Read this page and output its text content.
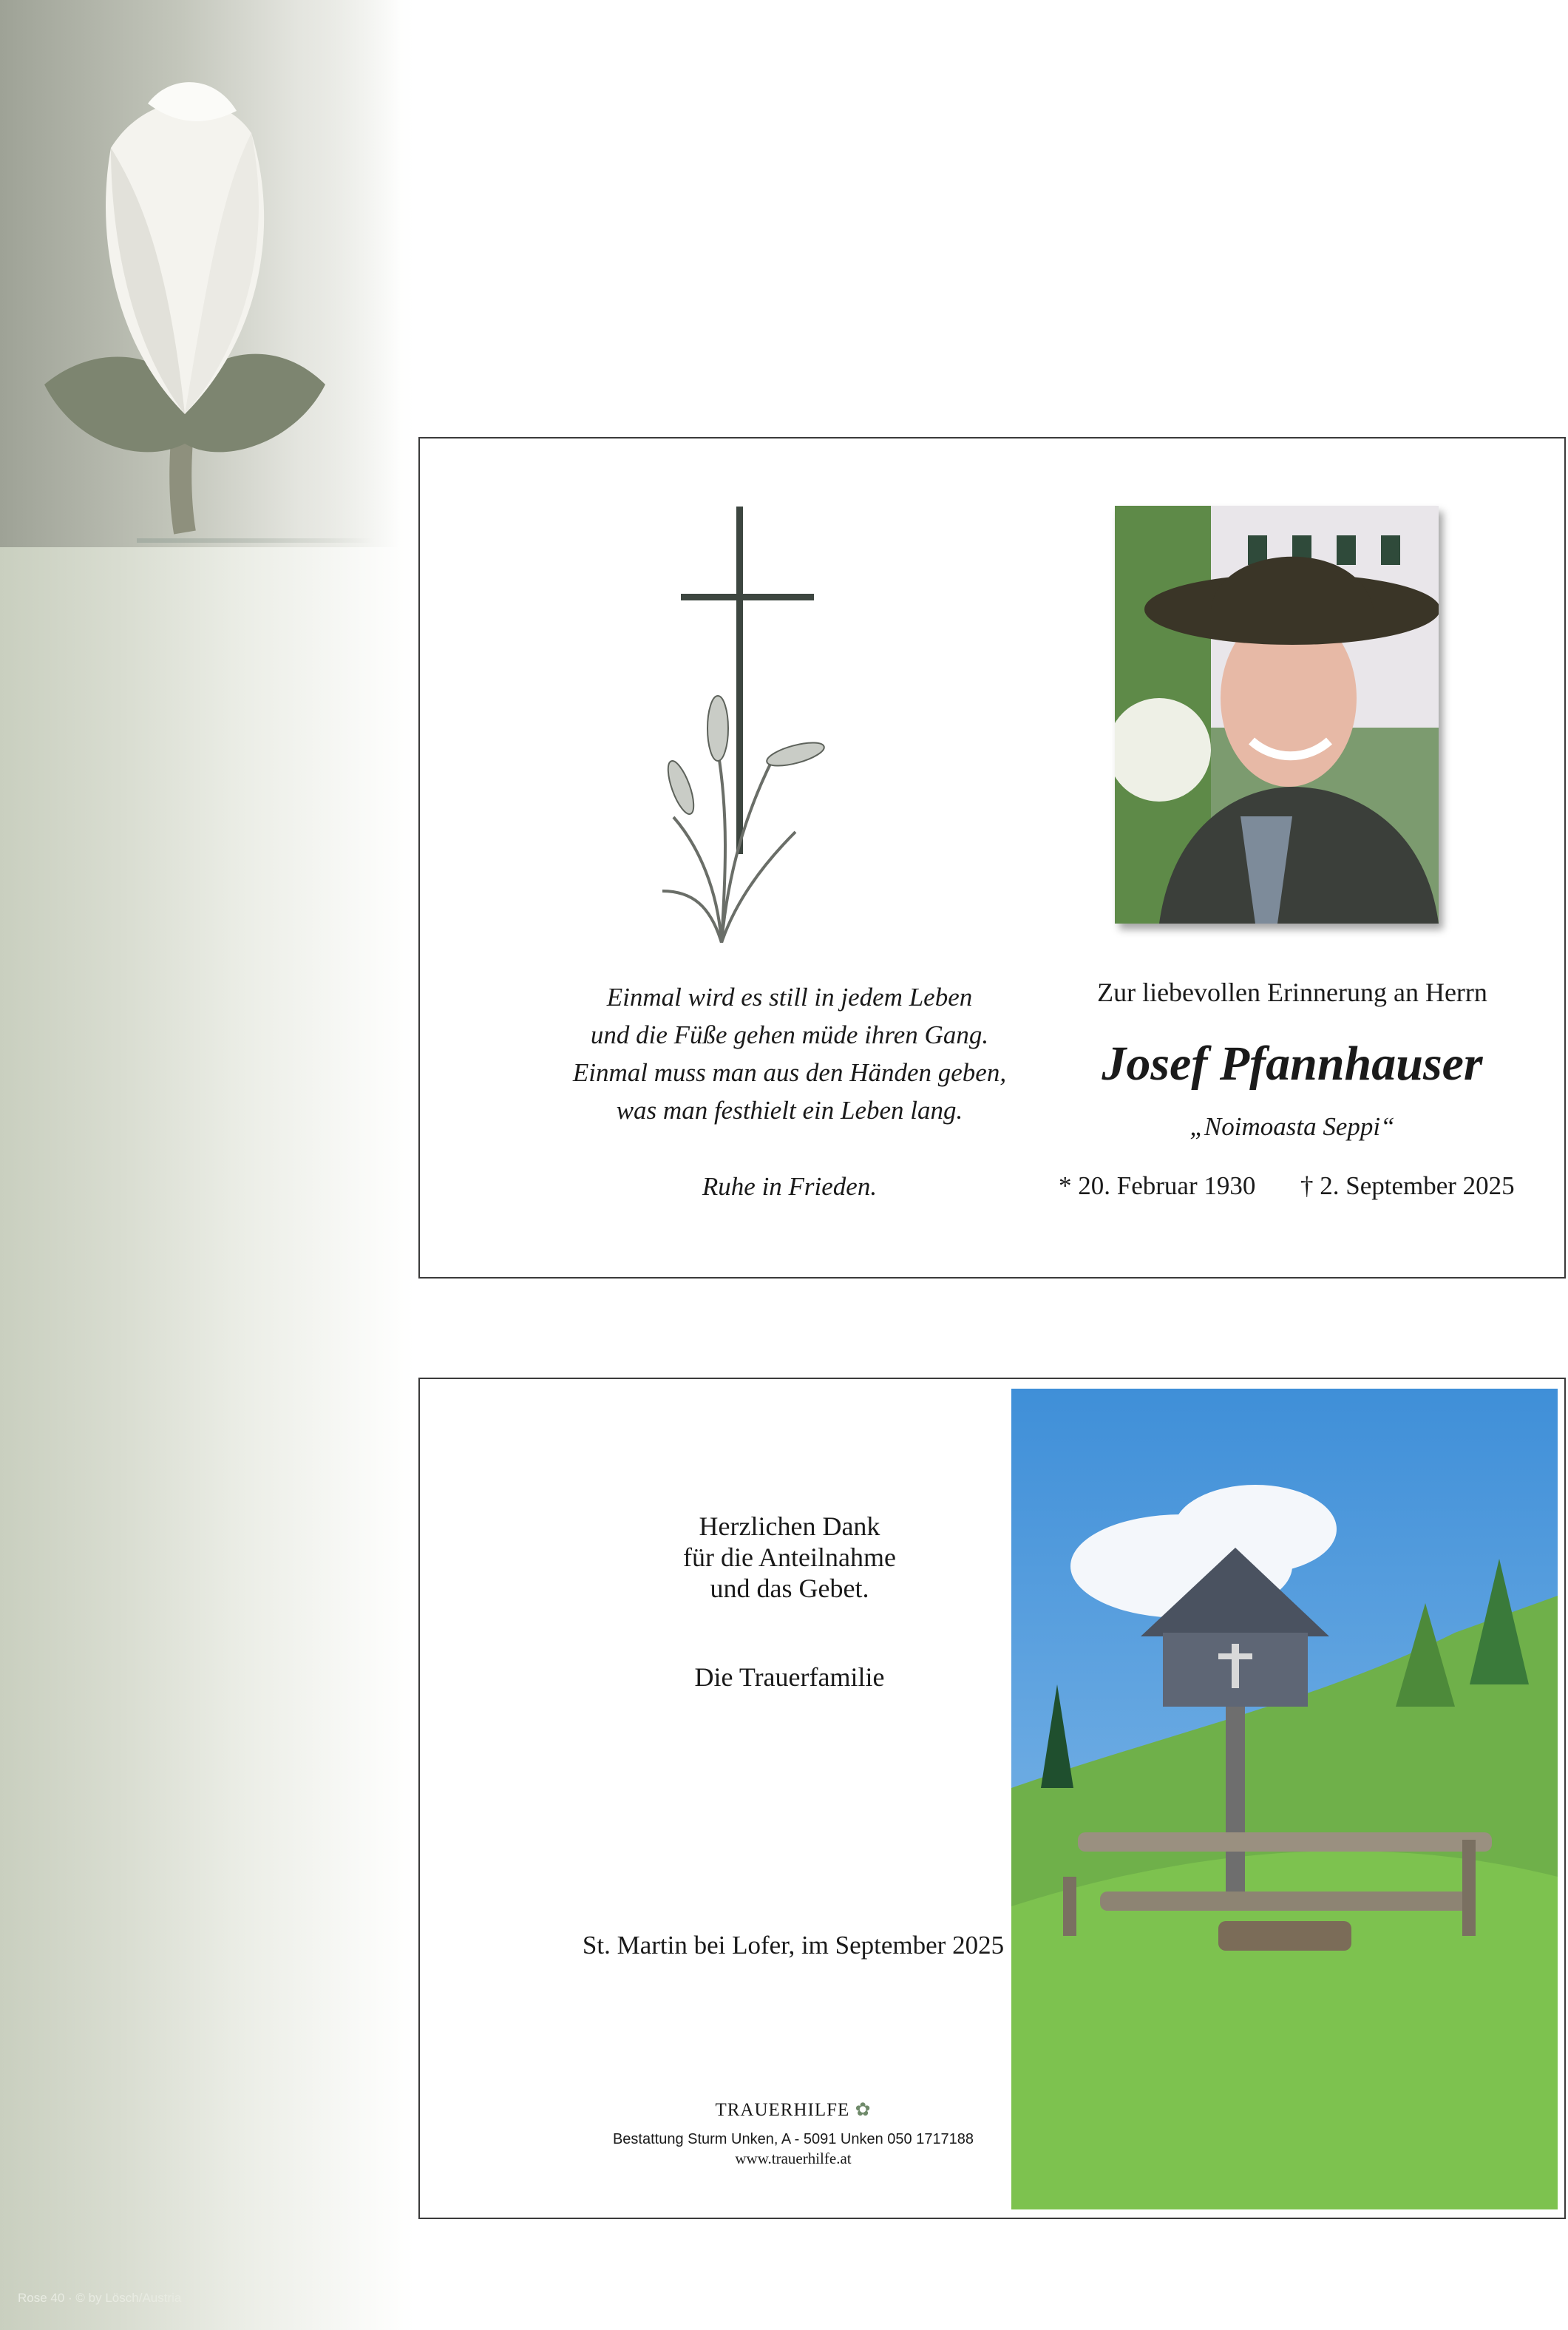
Rose 40 · © by Lösch/Austria
Einmal wird es still in jedem Leben
und die Füße gehen müde ihren Gang.
Einmal muss man aus den Händen geben,
was man festhielt ein Leben lang.
Ruhe in Frieden.
Zur liebevollen Erinnerung an Herrn
Josef Pfannhauser
„Noimoasta Seppi“
* 20. Februar 1930 † 2. September 2025
Herzlichen Dank
für die Anteilnahme
und das Gebet.
Die Trauerfamilie
St. Martin bei Lofer, im September 2025
TRAUERHILFE ✿
Bestattung Sturm Unken, A - 5091 Unken 050 1717188
www.trauerhilfe.at
